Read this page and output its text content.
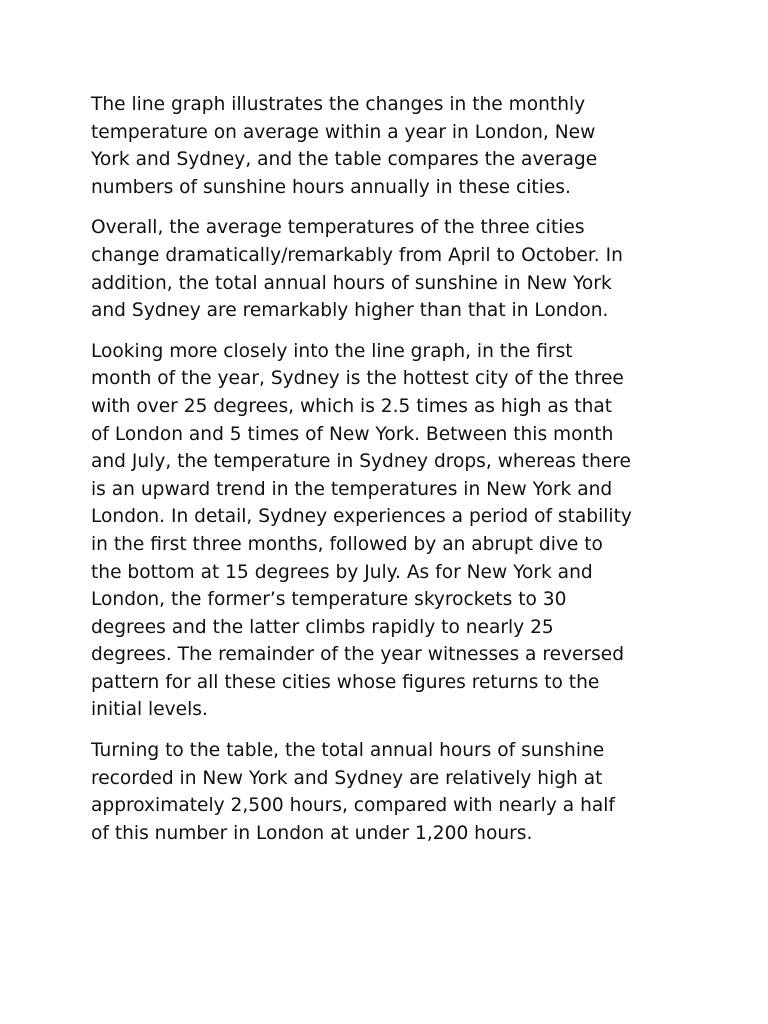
The line graph illustrates the changes in the monthly
temperature on average within a year in London, New
York and Sydney, and the table compares the average
numbers of sunshine hours annually in these cities.

Overall, the average temperatures of the three cities
change dramatically/remarkably from April to October. In
addition, the total annual hours of sunshine in New York
and Sydney are remarkably higher than that in London.

Looking more closely into the line graph, in the first
month of the year, Sydney is the hottest city of the three
with over 25 degrees, which is 2.5 times as high as that
of London and 5 times of New York. Between this month
and July, the temperature in Sydney drops, whereas there
is an upward trend in the temperatures in New York and
London. In detail, Sydney experiences a period of stability
in the first three months, followed by an abrupt dive to
the bottom at 15 degrees by July. As for New York and
London, the former’s temperature skyrockets to 30
degrees and the latter climbs rapidly to nearly 25
degrees. The remainder of the year witnesses a reversed
pattern for all these cities whose figures returns to the
initial levels.

Turning to the table, the total annual hours of sunshine
recorded in New York and Sydney are relatively high at
approximately 2,500 hours, compared with nearly a half
of this number in London at under 1,200 hours.
